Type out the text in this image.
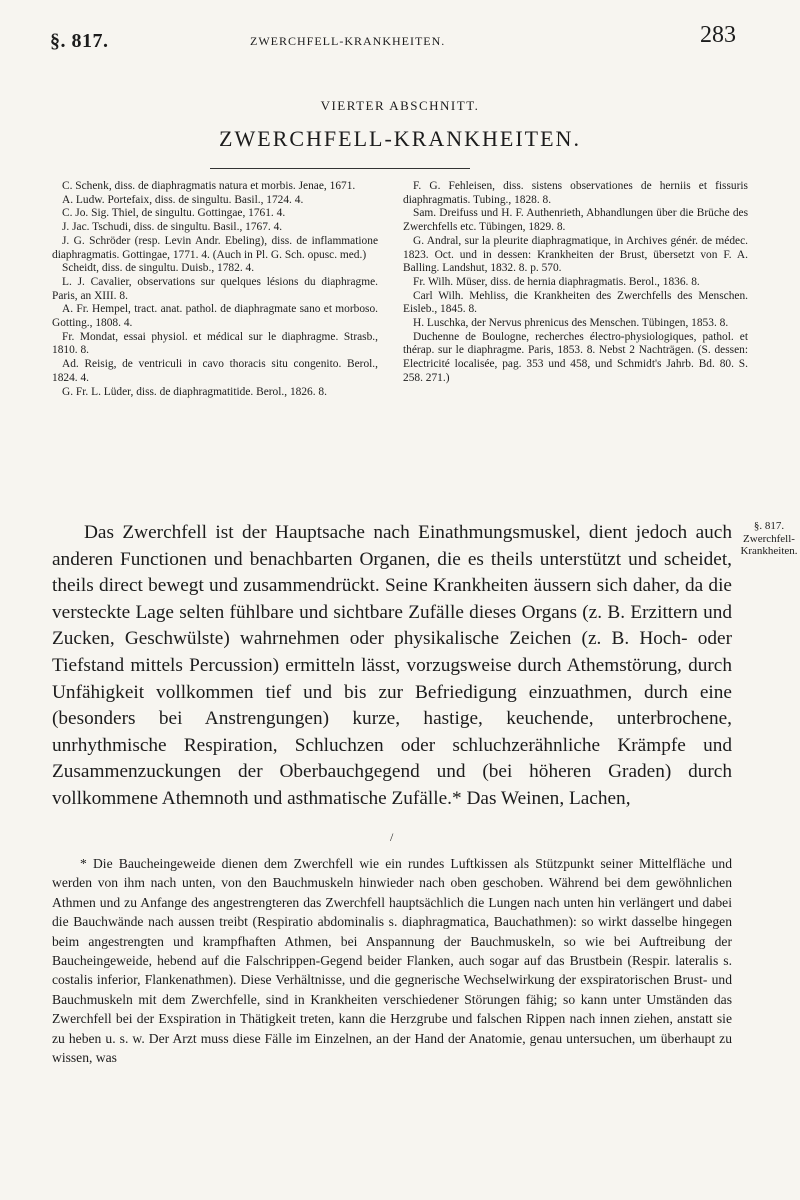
§. 817.	ZWERCHFELL-KRANKHEITEN.	283
VIERTER ABSCHNITT.
ZWERCHFELL-KRANKHEITEN.

C. Schenk, diss. de diaphragmatis natura et morbis. Jenae, 1671.

A. Ludw. Portefaix, diss. de singultu. Basil., 1724. 4.

C. Jo. Sig. Thiel, de singultu. Gottingae, 1761. 4.

J. Jac. Tschudi, diss. de singultu. Basil., 1767. 4.

J. G. Schröder (resp. Levin Andr. Ebeling), diss. de inflammatione diaphragmatis. Gottingae, 1771. 4. (Auch in Pl. G. Sch. opusc. med.)

Scheidt, diss. de singultu. Duisb., 1782. 4.

L. J. Cavalier, observations sur quelques lésions du diaphragme. Paris, an XIII. 8.

A. Fr. Hempel, tract. anat. pathol. de diaphragmate sano et morboso. Gotting., 1808. 4.

Fr. Mondat, essai physiol. et médical sur le diaphragme. Strasb., 1810. 8.

Ad. Reisig, de ventriculi in cavo thoracis situ congenito. Berol., 1824. 4.

G. Fr. L. Lüder, diss. de diaphragmatitide. Berol., 1826. 8.

F. G. Fehleisen, diss. sistens observationes de herniis et fissuris diaphragmatis. Tubing., 1828. 8.

Sam. Dreifuss und H. F. Authenrieth, Abhandlungen über die Brüche des Zwerchfells etc. Tübingen, 1829. 8.

G. Andral, sur la pleurite diaphragmatique, in Archives génér. de médec. 1823. Oct. und in dessen: Krankheiten der Brust, übersetzt von F. A. Balling. Landshut, 1832. 8. p. 570.

Fr. Wilh. Müser, diss. de hernia diaphragmatis. Berol., 1836. 8.

Carl Wilh. Mehliss, die Krankheiten des Zwerchfells des Menschen. Eisleb., 1845. 8.

H. Luschka, der Nervus phrenicus des Menschen. Tübingen, 1853. 8.

Duchenne de Boulogne, recherches électro-physiologiques, pathol. et thérap. sur le diaphragme. Paris, 1853. 8. Nebst 2 Nachträgen. (S. dessen: Electricité localisée, pag. 353 und 458, und Schmidt's Jahrb. Bd. 80. S. 258. 271.)

Das Zwerchfell ist der Hauptsache nach Einathmungsmuskel, dient jedoch auch anderen Functionen und benachbarten Organen, die es theils unterstützt und scheidet, theils direct bewegt und zusammendrückt. Seine Krankheiten äussern sich daher, da die versteckte Lage selten fühlbare und sichtbare Zufälle dieses Organs (z. B. Erzittern und Zucken, Geschwülste) wahrnehmen oder physikalische Zeichen (z. B. Hoch- oder Tiefstand mittels Percussion) ermitteln lässt, vorzugsweise durch Athemstörung, durch Unfähigkeit vollkommen tief und bis zur Befriedigung einzuathmen, durch eine (besonders bei Anstrengungen) kurze, hastige, keuchende, unterbrochene, unrhythmische Respiration, Schluchzen oder schluchzerähnliche Krämpfe und Zusammenzuckungen der Oberbauchgegend und (bei höheren Graden) durch vollkommene Athemnoth und asthmatische Zufälle.* Das Weinen, Lachen,

§. 817. Zwerchfell-Krankheiten.
/

* Die Baucheingeweide dienen dem Zwerchfell wie ein rundes Luftkissen als Stützpunkt seiner Mittelfläche und werden von ihm nach unten, von den Bauchmuskeln hinwieder nach oben geschoben. Während bei dem gewöhnlichen Athmen und zu Anfange des angestrengteren das Zwerchfell hauptsächlich die Lungen nach unten hin verlängert und dabei die Bauchwände nach aussen treibt (Respiratio abdominalis s. diaphragmatica, Bauchathmen): so wirkt dasselbe hingegen beim angestrengten und krampfhaften Athmen, bei Anspannung der Bauchmuskeln, so wie bei Auftreibung der Baucheingeweide, hebend auf die Falschrippen-Gegend beider Flanken, auch sogar auf das Brustbein (Respir. lateralis s. costalis inferior, Flankenathmen). Diese Verhältnisse, und die gegnerische Wechselwirkung der exspiratorischen Brust- und Bauchmuskeln mit dem Zwerchfelle, sind in Krankheiten verschiedener Störungen fähig; so kann unter Umständen das Zwerchfell bei der Exspiration in Thätigkeit treten, kann die Herzgrube und falschen Rippen nach innen ziehen, anstatt sie zu heben u. s. w. Der Arzt muss diese Fälle im Einzelnen, an der Hand der Anatomie, genau untersuchen, um überhaupt zu wissen, was
